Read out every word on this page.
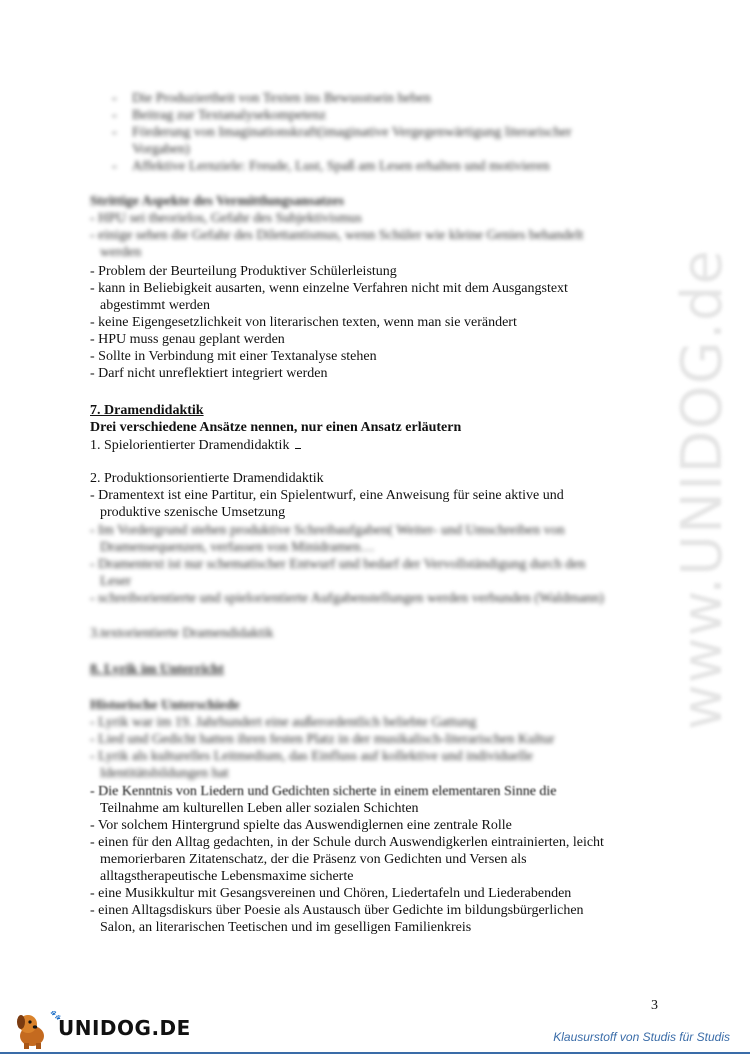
- Die Produziertheit von Texten ins Bewusstsein heben
- Beitrag zur Textanalysekompetenz
- Förderung von Imaginationskraft(imaginative Vergegenwärtigung literarischer
Vorgaben)
- Affektive Lernziele: Freude, Lust, Spaß am Lesen erhalten und motivieren
Strittige Aspekte des Vermittlungsansatzes
- HPU sei theorielos, Gefahr des Subjektivismus
- einige sehen die Gefahr des Dilettantismus, wenn Schüler wie kleine Genies behandelt
werden
- Problem der Beurteilung Produktiver Schülerleistung
- kann in Beliebigkeit ausarten, wenn einzelne Verfahren nicht mit dem Ausgangstext
abgestimmt werden
- keine Eigengesetzlichkeit von literarischen texten, wenn man sie verändert
- HPU muss genau geplant werden
- Sollte in Verbindung mit einer Textanalyse stehen
- Darf nicht unreflektiert integriert werden
7. Dramendidaktik
Drei verschiedene Ansätze nennen, nur einen Ansatz erläutern
1. Spielorientierter Dramendidaktik
2. Produktionsorientierte Dramendidaktik
- Dramentext ist eine Partitur, ein Spielentwurf, eine Anweisung für seine aktive und
produktive szenische Umsetzung
- Im Vordergrund stehen produktive Schreibaufgaben( Weiter- und Umschreiben von
Dramensequenzen, verfassen von Minidramen…
- Dramentext ist nur schematischer Entwurf und bedarf der Vervollständigung durch den
Leser
- schreiborientierte und spielorientierte Aufgabenstellungen werden verbunden (Waldmann)
3.textorientierte Dramendidaktik
8. Lyrik im Unterricht
Historische Unterschiede
- Lyrik war im 19. Jahrhundert eine außerordentlich beliebte Gattung
- Lied und Gedicht hatten ihren festen Platz in der musikalisch-literarischen Kultur
- Lyrik als kulturelles Leitmedium, das Einfluss auf kollektive und individuelle
Identitätsbildungen hat
- Die Kenntnis von Liedern und Gedichten sicherte in einem elementaren Sinne die
Teilnahme am kulturellen Leben aller sozialen Schichten
- Vor solchem Hintergrund spielte das Auswendiglernen eine zentrale Rolle
- einen für den Alltag gedachten, in der Schule durch Auswendigkerlen eintrainierten, leicht
memorierbaren Zitatenschatz, der die Präsenz von Gedichten und Versen als
alltagstherapeutische Lebensmaxime sicherte
- eine Musikkultur mit Gesangsvereinen und Chören, Liedertafeln und Liederabenden
- einen Alltagsdiskurs über Poesie als Austausch über Gedichte im bildungsbürgerlichen
Salon, an literarischen Teetischen und im geselligen Familienkreis
3
www.UNIDOG.de
🐾
UNIDOG.DE	Klausurstoff von Studis für Studis
